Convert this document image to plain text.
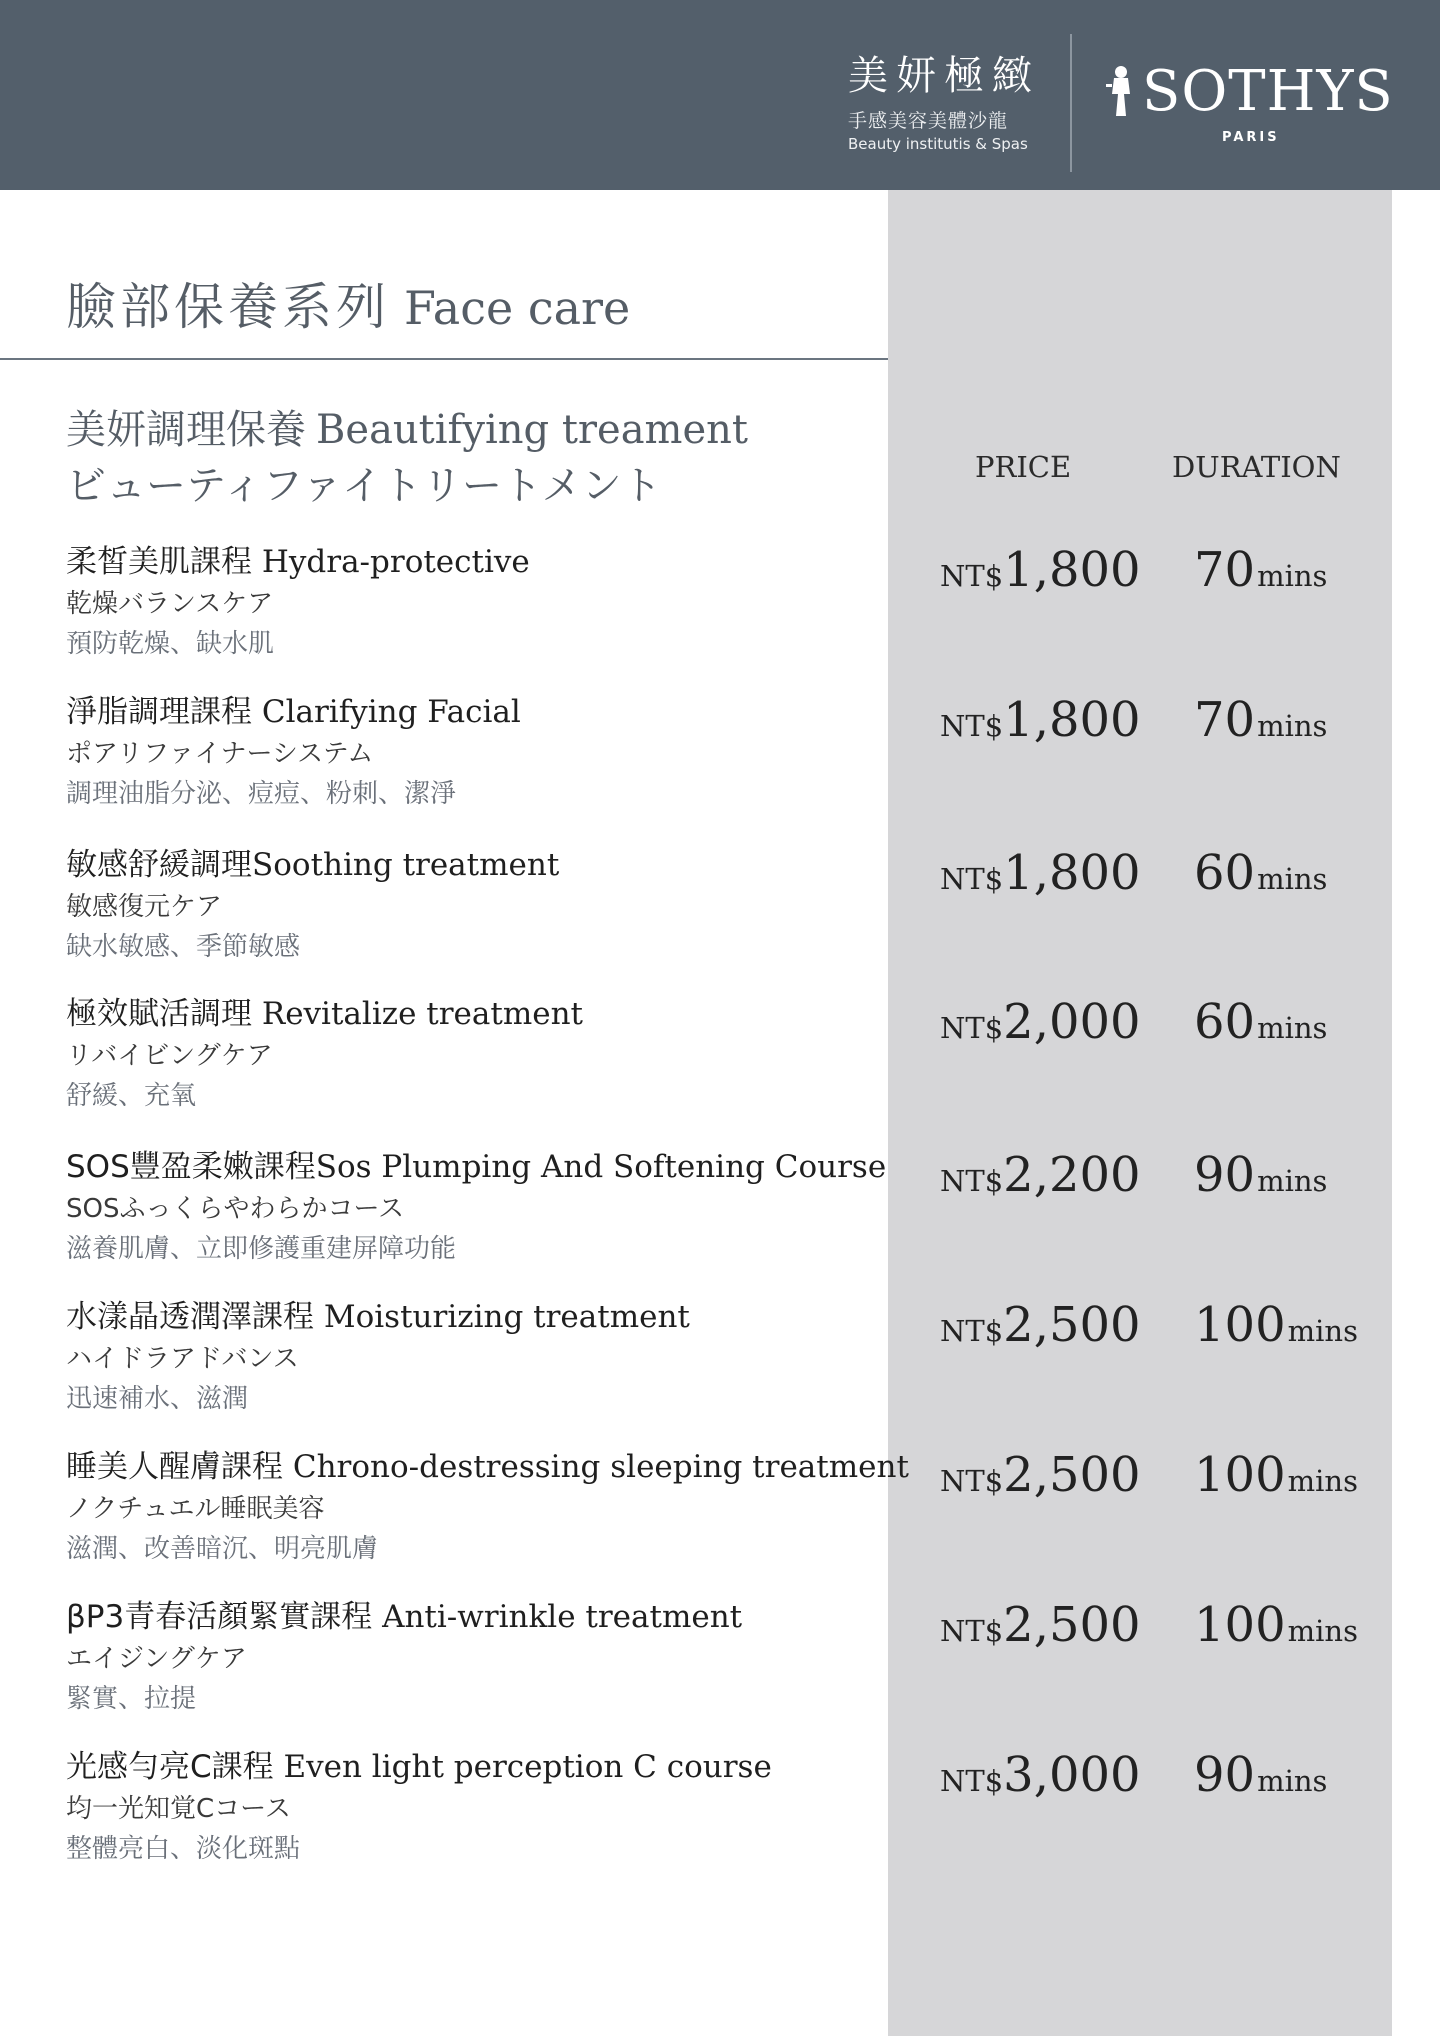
美妍極緻
手感美容美體沙龍
Beauty institutis & Spas
SOTHYS
PARIS
臉部保養系列 Face care
美妍調理保養 Beautifying treament
ビューティファイトリートメント	PRICE	DURATION
柔皙美肌課程 Hydra-protective
乾燥バランスケア
預防乾燥、缺水肌
NT$1,800 70mins
淨脂調理課程 Clarifying Facial
ポアリファイナーシステム
調理油脂分泌、痘痘、粉刺、潔淨
NT$1,800 70mins
敏感舒緩調理Soothing treatment
敏感復元ケア
缺水敏感、季節敏感
NT$1,800 60mins
極效賦活調理 Revitalize treatment
リバイビングケア
舒緩、充氧
NT$2,000 60mins
SOS豐盈柔嫩課程Sos Plumping And Softening Course
SOSふっくらやわらかコース
滋養肌膚、立即修護重建屏障功能
NT$2,200 90mins
水漾晶透潤澤課程 Moisturizing treatment
ハイドラアドバンス
迅速補水、滋潤
NT$2,500 100mins
睡美人醒膚課程 Chrono-destressing sleeping treatment
ノクチュエル睡眠美容
滋潤、改善暗沉、明亮肌膚
NT$2,500 100mins
βP3青春活顏緊實課程 Anti-wrinkle treatment
エイジングケア
緊實、拉提
NT$2,500 100mins
光感勻亮C課程 Even light perception C course
均一光知覚Cコース
整體亮白、淡化斑點
NT$3,000 90mins
